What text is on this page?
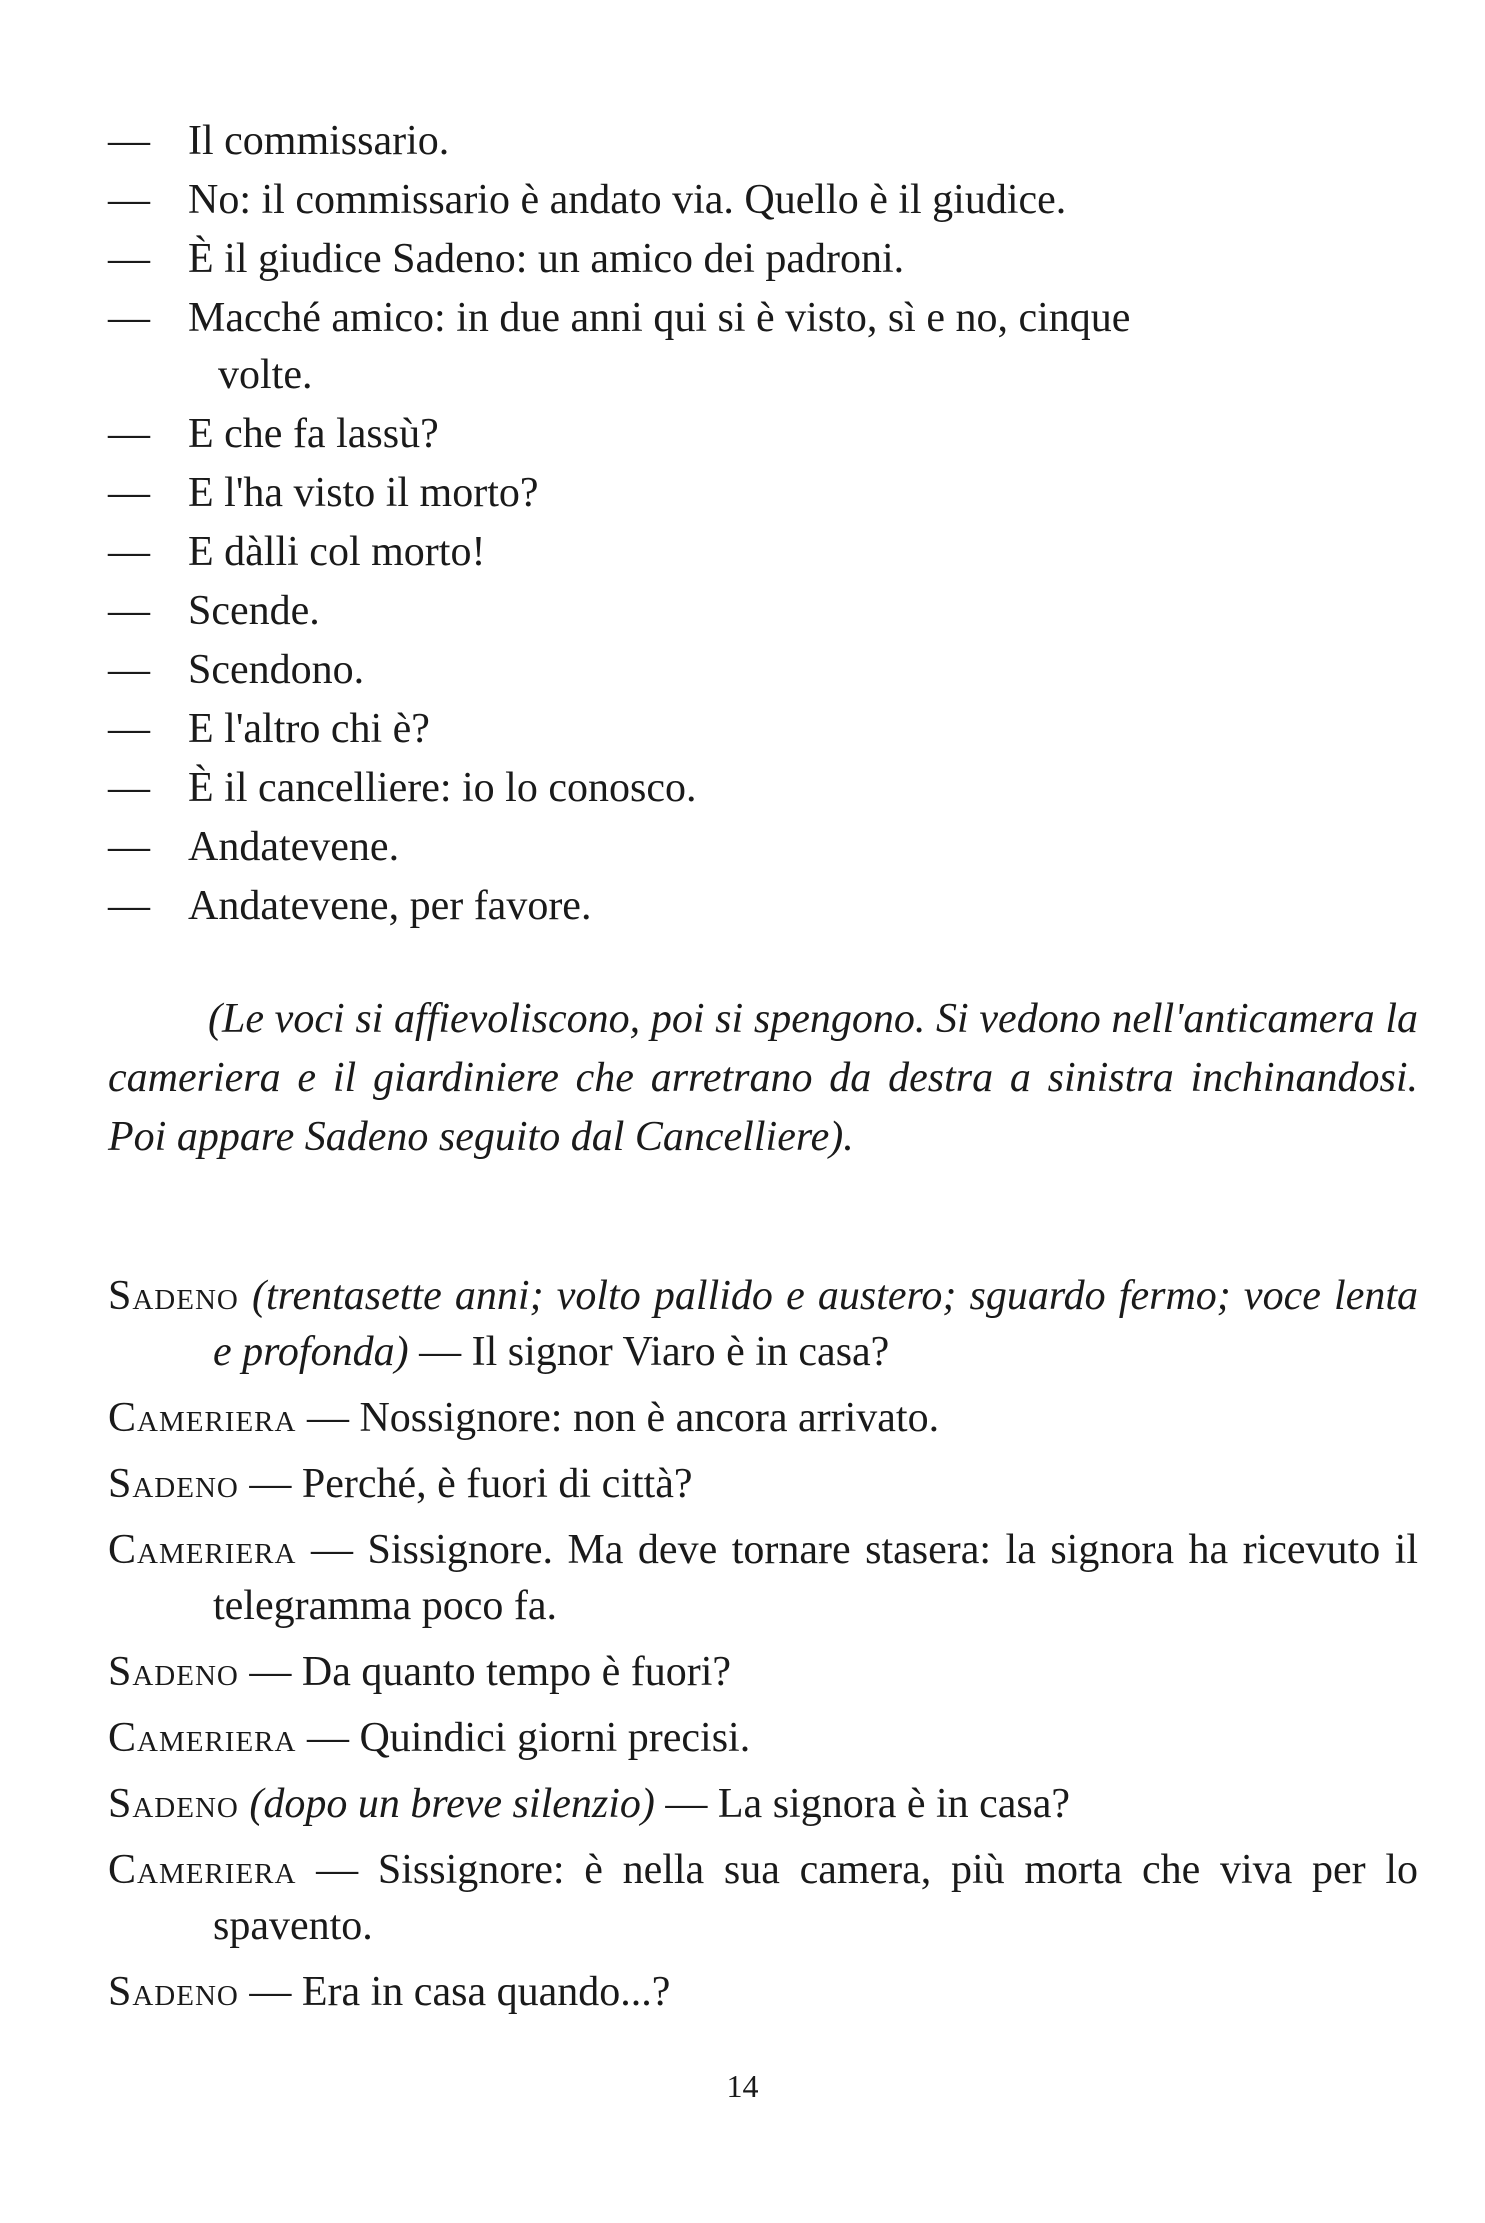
— Il commissario.
— No: il commissario è andato via. Quello è il giudice.
— È il giudice Sadeno: un amico dei padroni.
— Macché amico: in due anni qui si è visto, sì e no, cinque
volte.
— E che fa lassù?
— E l'ha visto il morto?
— E dàlli col morto!
— Scende.
— Scendono.
— E l'altro chi è?
— È il cancelliere: io lo conosco.
— Andatevene.
— Andatevene, per favore.
(Le voci si affievoliscono, poi si spengono. Si vedono nell'anticamera la cameriera e il giardiniere che arretrano da destra a sinistra inchinandosi. Poi appare Sadeno seguito dal Cancelliere).
Sadeno (trentasette anni; volto pallido e austero; sguardo fermo; voce lenta e profonda) — Il signor Viaro è in casa?
Cameriera — Nossignore: non è ancora arrivato.
Sadeno — Perché, è fuori di città?
Cameriera — Sissignore. Ma deve tornare stasera: la signora ha ricevuto il telegramma poco fa.
Sadeno — Da quanto tempo è fuori?
Cameriera — Quindici giorni precisi.
Sadeno (dopo un breve silenzio) — La signora è in casa?
Cameriera — Sissignore: è nella sua camera, più morta che viva per lo spavento.
Sadeno — Era in casa quando...?
14
